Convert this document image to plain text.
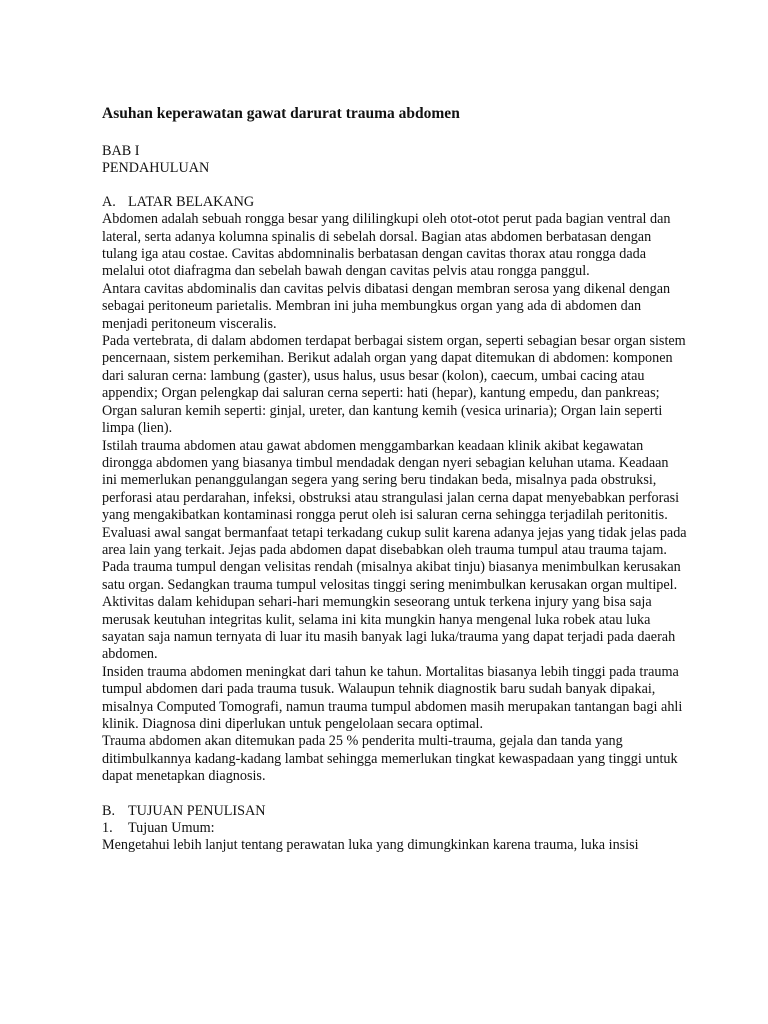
Asuhan keperawatan gawat darurat trauma abdomen
BAB I
PENDAHULUAN
A. LATAR BELAKANG
Abdomen adalah sebuah rongga besar yang dililingkupi oleh otot-otot perut pada bagian ventral dan lateral, serta adanya kolumna spinalis di sebelah dorsal. Bagian atas abdomen berbatasan dengan tulang iga atau costae. Cavitas abdomninalis berbatasan dengan cavitas thorax atau rongga dada melalui otot diafragma dan sebelah bawah dengan cavitas pelvis atau rongga panggul.
Antara cavitas abdominalis dan cavitas pelvis dibatasi dengan membran serosa yang dikenal dengan sebagai peritoneum parietalis. Membran ini juha membungkus organ yang ada di abdomen dan menjadi peritoneum visceralis.
Pada vertebrata, di dalam abdomen terdapat berbagai sistem organ, seperti sebagian besar organ sistem pencernaan, sistem perkemihan. Berikut adalah organ yang dapat ditemukan di abdomen: komponen dari saluran cerna: lambung (gaster), usus halus, usus besar (kolon), caecum, umbai cacing atau appendix; Organ pelengkap dai saluran cerna seperti: hati (hepar), kantung empedu, dan pankreas; Organ saluran kemih seperti: ginjal, ureter, dan kantung kemih (vesica urinaria); Organ lain seperti limpa (lien).
Istilah trauma abdomen atau gawat abdomen menggambarkan keadaan klinik akibat kegawatan dirongga abdomen yang biasanya timbul mendadak dengan nyeri sebagian keluhan utama. Keadaan ini memerlukan penanggulangan segera yang sering beru tindakan beda, misalnya pada obstruksi, perforasi atau perdarahan, infeksi, obstruksi atau strangulasi jalan cerna dapat menyebabkan perforasi yang mengakibatkan kontaminasi rongga perut oleh isi saluran cerna sehingga terjadilah peritonitis.
Evaluasi awal sangat bermanfaat tetapi terkadang cukup sulit karena adanya jejas yang tidak jelas pada area lain yang terkait. Jejas pada abdomen dapat disebabkan oleh trauma tumpul atau trauma tajam. Pada trauma tumpul dengan velisitas rendah (misalnya akibat tinju) biasanya menimbulkan kerusakan satu organ. Sedangkan trauma tumpul velositas tinggi sering menimbulkan kerusakan organ multipel.
Aktivitas dalam kehidupan sehari-hari memungkin seseorang untuk terkena injury yang bisa saja merusak keutuhan integritas kulit, selama ini kita mungkin hanya mengenal luka robek atau luka sayatan saja namun ternyata di luar itu masih banyak lagi luka/trauma yang dapat terjadi pada daerah abdomen.
Insiden trauma abdomen meningkat dari tahun ke tahun. Mortalitas biasanya lebih tinggi pada trauma tumpul abdomen dari pada trauma tusuk. Walaupun tehnik diagnostik baru sudah banyak dipakai, misalnya Computed Tomografi, namun trauma tumpul abdomen masih merupakan tantangan bagi ahli klinik. Diagnosa dini diperlukan untuk pengelolaan secara optimal.
Trauma abdomen akan ditemukan pada 25 % penderita multi-trauma, gejala dan tanda yang ditimbulkannya kadang-kadang lambat sehingga memerlukan tingkat kewaspadaan yang tinggi untuk dapat menetapkan diagnosis.
B. TUJUAN PENULISAN
1. Tujuan Umum:
Mengetahui lebih lanjut tentang perawatan luka yang dimungkinkan karena trauma, luka insisi
